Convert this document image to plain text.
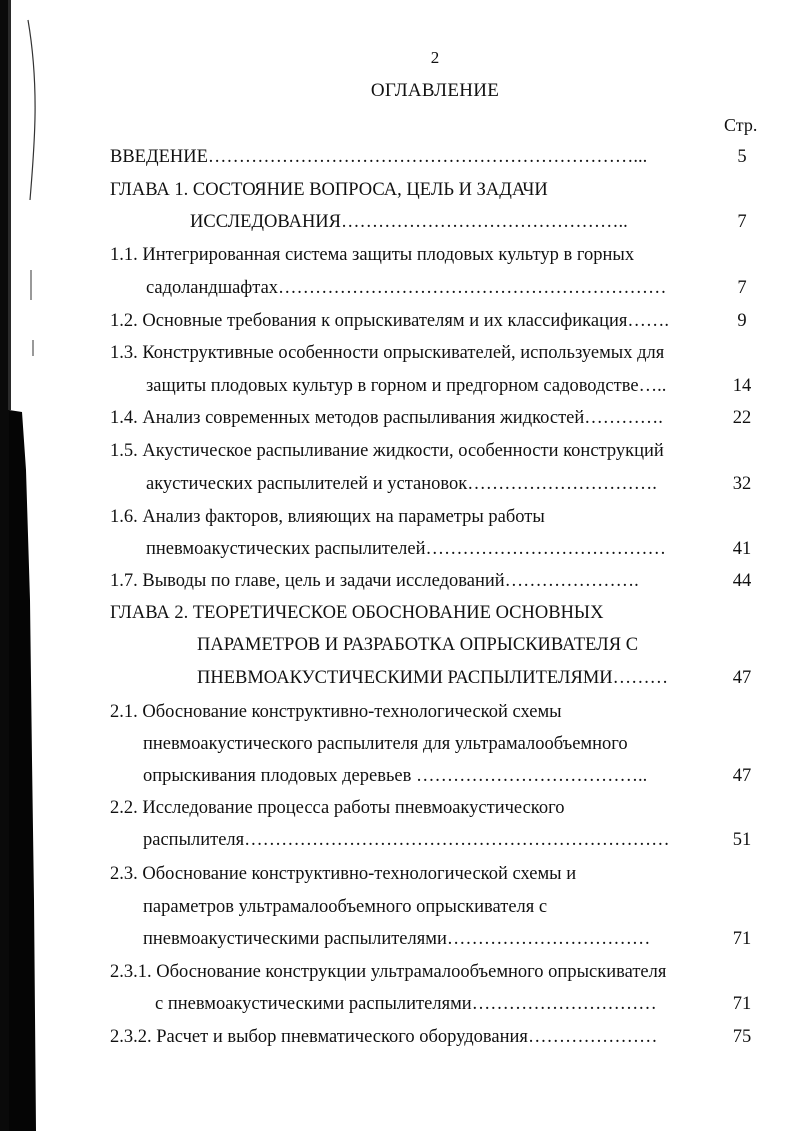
2
ОГЛАВЛЕНИЕ
Стр.
ВВЕДЕНИЕ……………………………………………………………...	5
ГЛАВА 1. СОСТОЯНИЕ ВОПРОСА, ЦЕЛЬ И ЗАДАЧИ
ИССЛЕДОВАНИЯ………………………………………..	7
1.1. Интегрированная система защиты плодовых культур в горных
садоландшафтах………………………………………………………	7
1.2. Основные требования к опрыскивателям и их классификация…….	9
1.3. Конструктивные особенности опрыскивателей, используемых для
защиты плодовых культур в горном и предгорном садоводстве…..	14
1.4. Анализ современных методов распыливания жидкостей………….	22
1.5. Акустическое распыливание жидкости, особенности конструкций
акустических распылителей и установок………………………….	32
1.6. Анализ факторов, влияющих на параметры работы
пневмоакустических распылителей…………………………………	41
1.7. Выводы по главе, цель и задачи исследований………………….	44
ГЛАВА 2. ТЕОРЕТИЧЕСКОЕ ОБОСНОВАНИЕ ОСНОВНЫХ
ПАРАМЕТРОВ И РАЗРАБОТКА ОПРЫСКИВАТЕЛЯ С
ПНЕВМОАКУСТИЧЕСКИМИ РАСПЫЛИТЕЛЯМИ………	47
2.1. Обоснование конструктивно-технологической схемы
пневмоакустического распылителя для ультрамалообъемного
опрыскивания плодовых деревьев ………………………………..	47
2.2. Исследование процесса работы пневмоакустического
распылителя……………………………………………………………	51
2.3. Обоснование конструктивно-технологической схемы и
параметров ультрамалообъемного опрыскивателя с
пневмоакустическими распылителями……………………………	71
2.3.1. Обоснование конструкции ультрамалообъемного опрыскивателя
с пневмоакустическими распылителями…………………………	71
2.3.2. Расчет и выбор пневматического оборудования…………………	75
